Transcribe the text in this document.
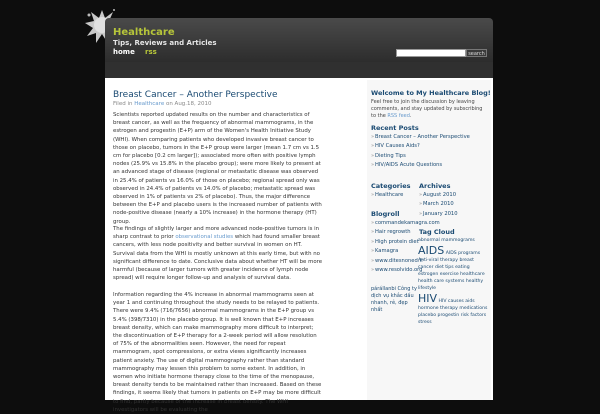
Healthcare
Tips, Reviews and Articles
search
home rss
Breast Cancer – Another Perspective
Filed in Healthcare on Aug.18, 2010

Scientists reported updated results on the number and characteristics of breast cancer, as well as the frequency of abnormal mammograms, in the estrogen and progestin (E+P) arm of the Women's Health Initiative Study (WHI). When comparing patients who developed invasive breast cancer to those on placebo, tumors in the E+P group were larger (mean 1.7 cm vs 1.5 cm for placebo [0.2 cm larger]); associated more often with positive lymph nodes (25.9% vs 15.8% in the placebo group); were more likely to present at an advanced stage of disease (regional or metastatic disease was observed in 25.4% of patients vs 16.0% of those on placebo; regional spread only was observed in 24.4% of patients vs 14.0% of placebo; metastatic spread was observed in 1% of patients vs 2% of placebo). Thus, the major difference between the E+P and placebo users is the increased number of patients with node-positive disease (nearly a 10% increase) in the hormone therapy (HT) group.

The findings of slightly larger and more advanced node-positive tumors is in sharp contrast to prior observational studies which had found smaller breast cancers, with less node positivity and better survival in women on HT. Survival data from the WHI is mostly unknown at this early time, but with no significant difference to date. Conclusive data about whether HT will be more harmful (because of larger tumors with greater incidence of lymph node spread) will require longer follow-up and analysis of survival data.

Information regarding the 4% increase in abnormal mammograms seen at year 1 and continuing throughout the study needs to be relayed to patients. There were 9.4% (716/7656) abnormal mammograms in the E+P group vs 5.4% (398/7310) in the placebo group. It is well known that E+P increases breast density, which can make mammography more difficult to interpret; the discontinuation of E+P therapy for a 2-week period will allow resolution of 75% of the abnormalities seen. However, the need for repeat mammogram, spot compressions, or extra views significantly increases patient anxiety. The use of digital mammography rather than standard mammography may lessen this problem to some extent. In addition, in women who initiate hormone therapy close to the time of the menopause, breast density tends to be maintained rather than increased. Based on these findings, it seems likely that tumors in patients on E+P may be more difficult to find, partly because of the increase in breast density. The WHI investigators will be evaluating the

Welcome to My Healthcare Blog!
Feel free to join the discussion by leaving comments, and stay updated by subscribing to the RSS feed.
Recent Posts
» Breast Cancer – Another Perspective
» HIV Causes Aids?
» Dieting Tips
» HIV/AIDS Acute Questions
Categories
» Healthcare
Archives
» August 2010
» March 2010
» January 2010
Blogroll
» commandekamagra.com
» Hair regrowth
» High protein diet
» Kamagra
» www.ditesnoned.fr
» www.resolvido.org
párállanbi Công ty dịch vụ khắc dấu nhanh, rẻ, đẹp nhất
Tag Cloud
abnormal mammograms
AIDS AIDS programs
Anti-viral therapy breast cancer diet tips eating estrogen exercise healthcare health care systems healthy lifestyle
HIV HIV causes aids hormone therapy medications placebo progestin risk factors stress
